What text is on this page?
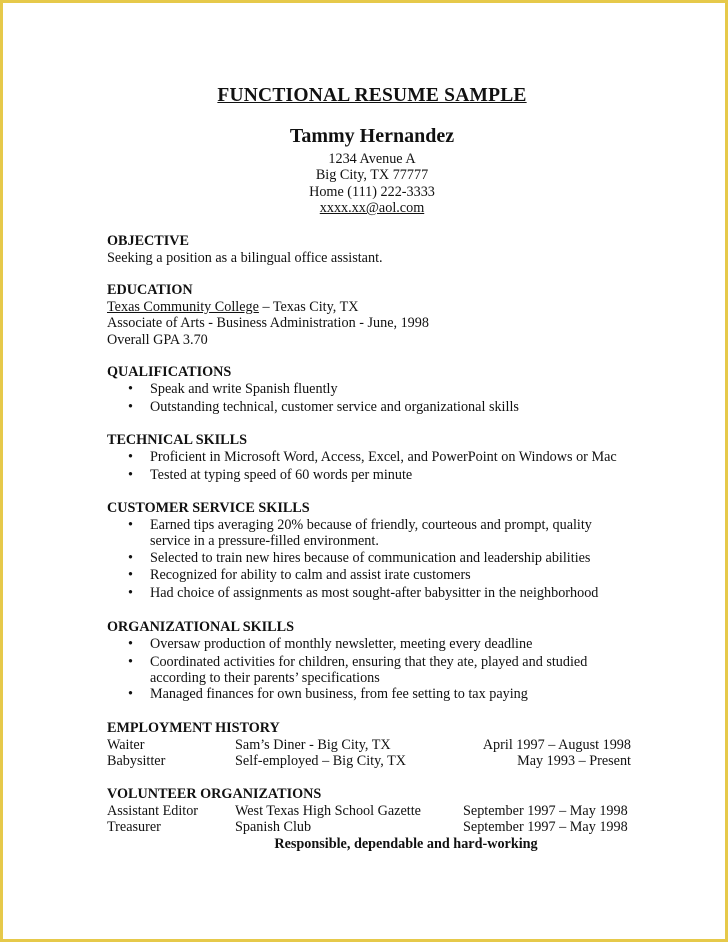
FUNCTIONAL RESUME SAMPLE
Tammy Hernandez
1234 Avenue A
Big City, TX 77777
Home (111) 222-3333
xxxx.xx@aol.com
OBJECTIVE
Seeking a position as a bilingual office assistant.
EDUCATION
Texas Community College – Texas City, TX
Associate of Arts - Business Administration - June, 1998
Overall GPA 3.70
QUALIFICATIONS
• Speak and write Spanish fluently
• Outstanding technical, customer service and organizational skills
TECHNICAL SKILLS
• Proficient in Microsoft Word, Access, Excel, and PowerPoint on Windows or Mac
• Tested at typing speed of 60 words per minute
CUSTOMER SERVICE SKILLS
• Earned tips averaging 20% because of friendly, courteous and prompt, quality
service in a pressure-filled environment.
• Selected to train new hires because of communication and leadership abilities
• Recognized for ability to calm and assist irate customers
• Had choice of assignments as most sought-after babysitter in the neighborhood
ORGANIZATIONAL SKILLS
• Oversaw production of monthly newsletter, meeting every deadline
• Coordinated activities for children, ensuring that they ate, played and studied
according to their parents’ specifications
• Managed finances for own business, from fee setting to tax paying
EMPLOYMENT HISTORY
Waiter	Sam’s Diner - Big City, TX	April 1997 – August 1998
Babysitter	Self-employed – Big City, TX	May 1993 – Present
VOLUNTEER ORGANIZATIONS
Assistant Editor	West Texas High School Gazette	September 1997 – May 1998
Treasurer	Spanish Club	September 1997 – May 1998
Responsible, dependable and hard-working
